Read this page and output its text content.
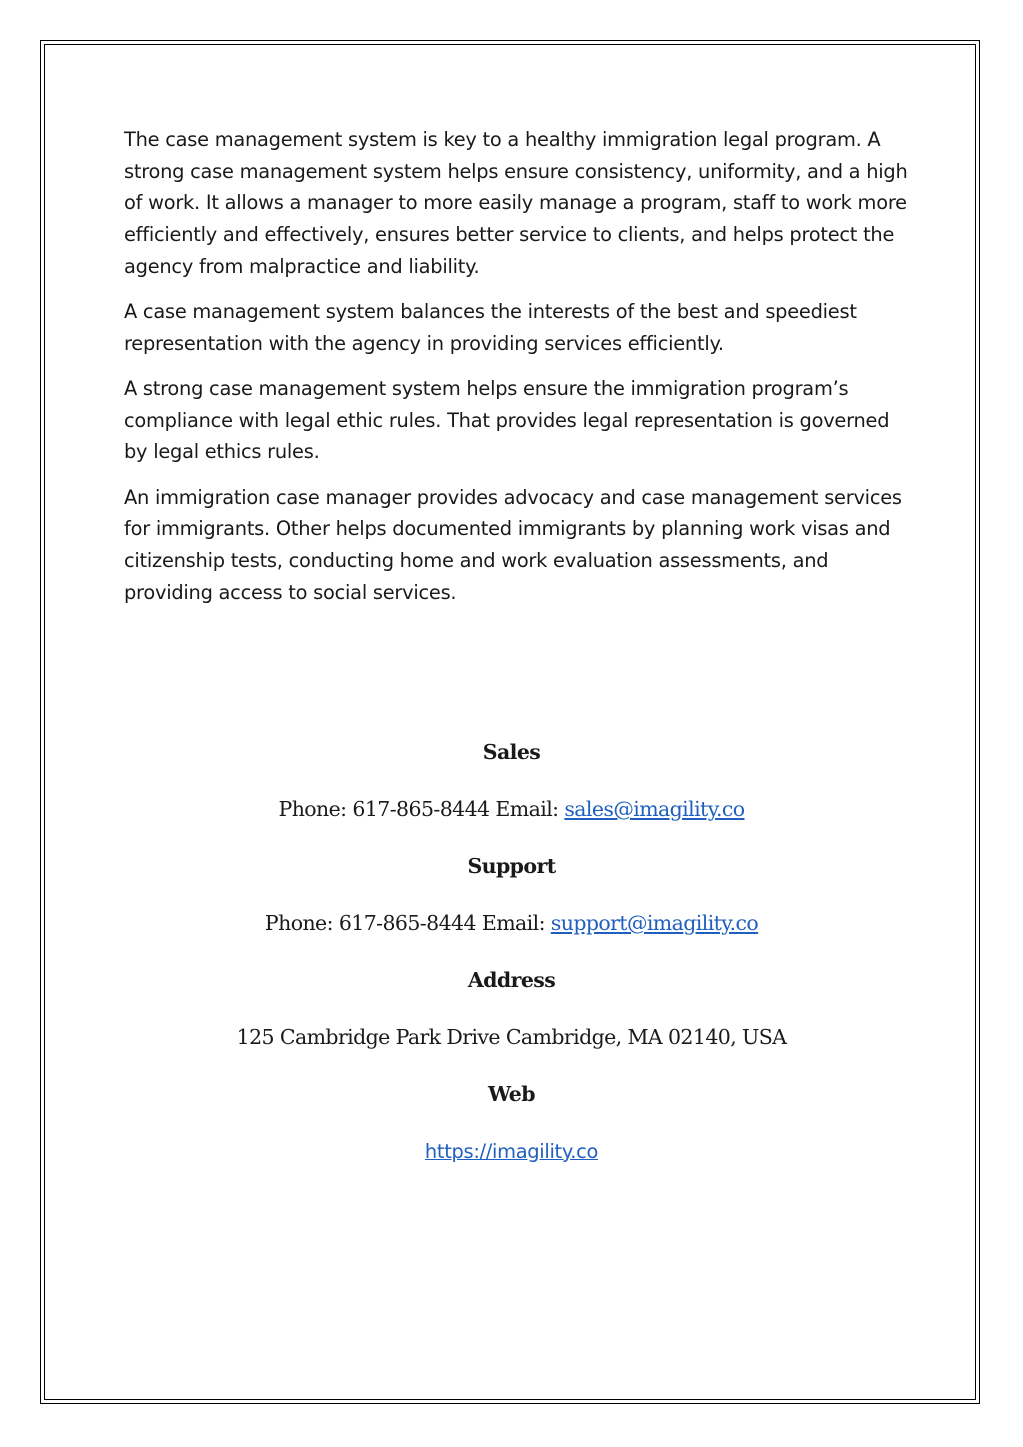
The case management system is key to a healthy immigration legal program. A strong case management system helps ensure consistency, uniformity, and a high of work. It allows a manager to more easily manage a program, staff to work more efficiently and effectively, ensures better service to clients, and helps protect the agency from malpractice and liability.

A case management system balances the interests of the best and speediest representation with the agency in providing services efficiently.

A strong case management system helps ensure the immigration program’s compliance with legal ethic rules. That provides legal representation is governed by legal ethics rules.

An immigration case manager provides advocacy and case management services for immigrants. Other helps documented immigrants by planning work visas and citizenship tests, conducting home and work evaluation assessments, and providing access to social services.

Sales
Phone: 617-865-8444 Email: sales@imagility.co
Support
Phone: 617-865-8444 Email: support@imagility.co
Address
125 Cambridge Park Drive Cambridge, MA 02140, USA
Web
https://imagility.co
